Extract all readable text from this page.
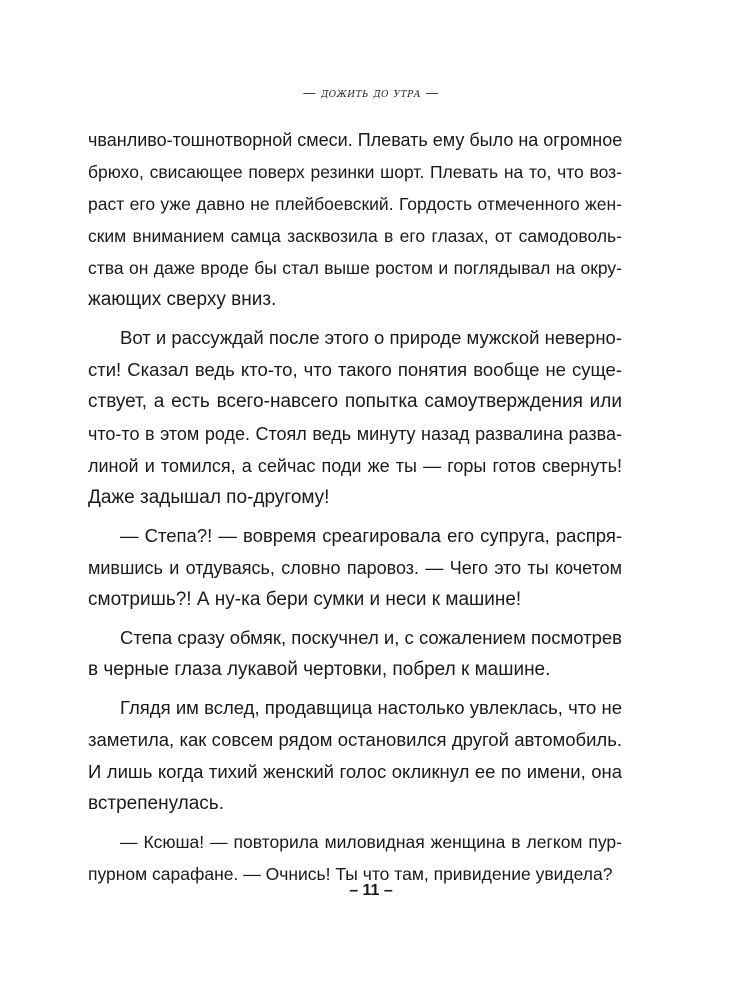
— дожить до утра —
чванливо-тошнотворной смеси. Плевать ему было на огромное
брюхо, свисающее поверх резинки шорт. Плевать на то, что воз-
раст его уже давно не плейбоевский. Гордость отмеченного жен-
ским вниманием самца засквозила в его глазах, от самодоволь-
ства он даже вроде бы стал выше ростом и поглядывал на окру-
жающих сверху вниз.
Вот и рассуждай после этого о природе мужской неверно-
сти! Сказал ведь кто-то, что такого понятия вообще не суще-
ствует, а есть всего-навсего попытка самоутверждения или
что-то в этом роде. Стоял ведь минуту назад развалина разва-
линой и томился, а сейчас поди же ты — горы готов свернуть!
Даже задышал по-другому!
— Степа?! — вовремя среагировала его супруга, распря-
мившись и отдуваясь, словно паровоз. — Чего это ты кочетом
смотришь?! А ну-ка бери сумки и неси к машине!
Степа сразу обмяк, поскучнел и, с сожалением посмотрев
в черные глаза лукавой чертовки, побрел к машине.
Глядя им вслед, продавщица настолько увлеклась, что не
заметила, как совсем рядом остановился другой автомобиль.
И лишь когда тихий женский голос окликнул ее по имени, она
встрепенулась.
— Ксюша! — повторила миловидная женщина в легком пур-
пурном сарафане. — Очнись! Ты что там, привидение увидела?
– 11 –
